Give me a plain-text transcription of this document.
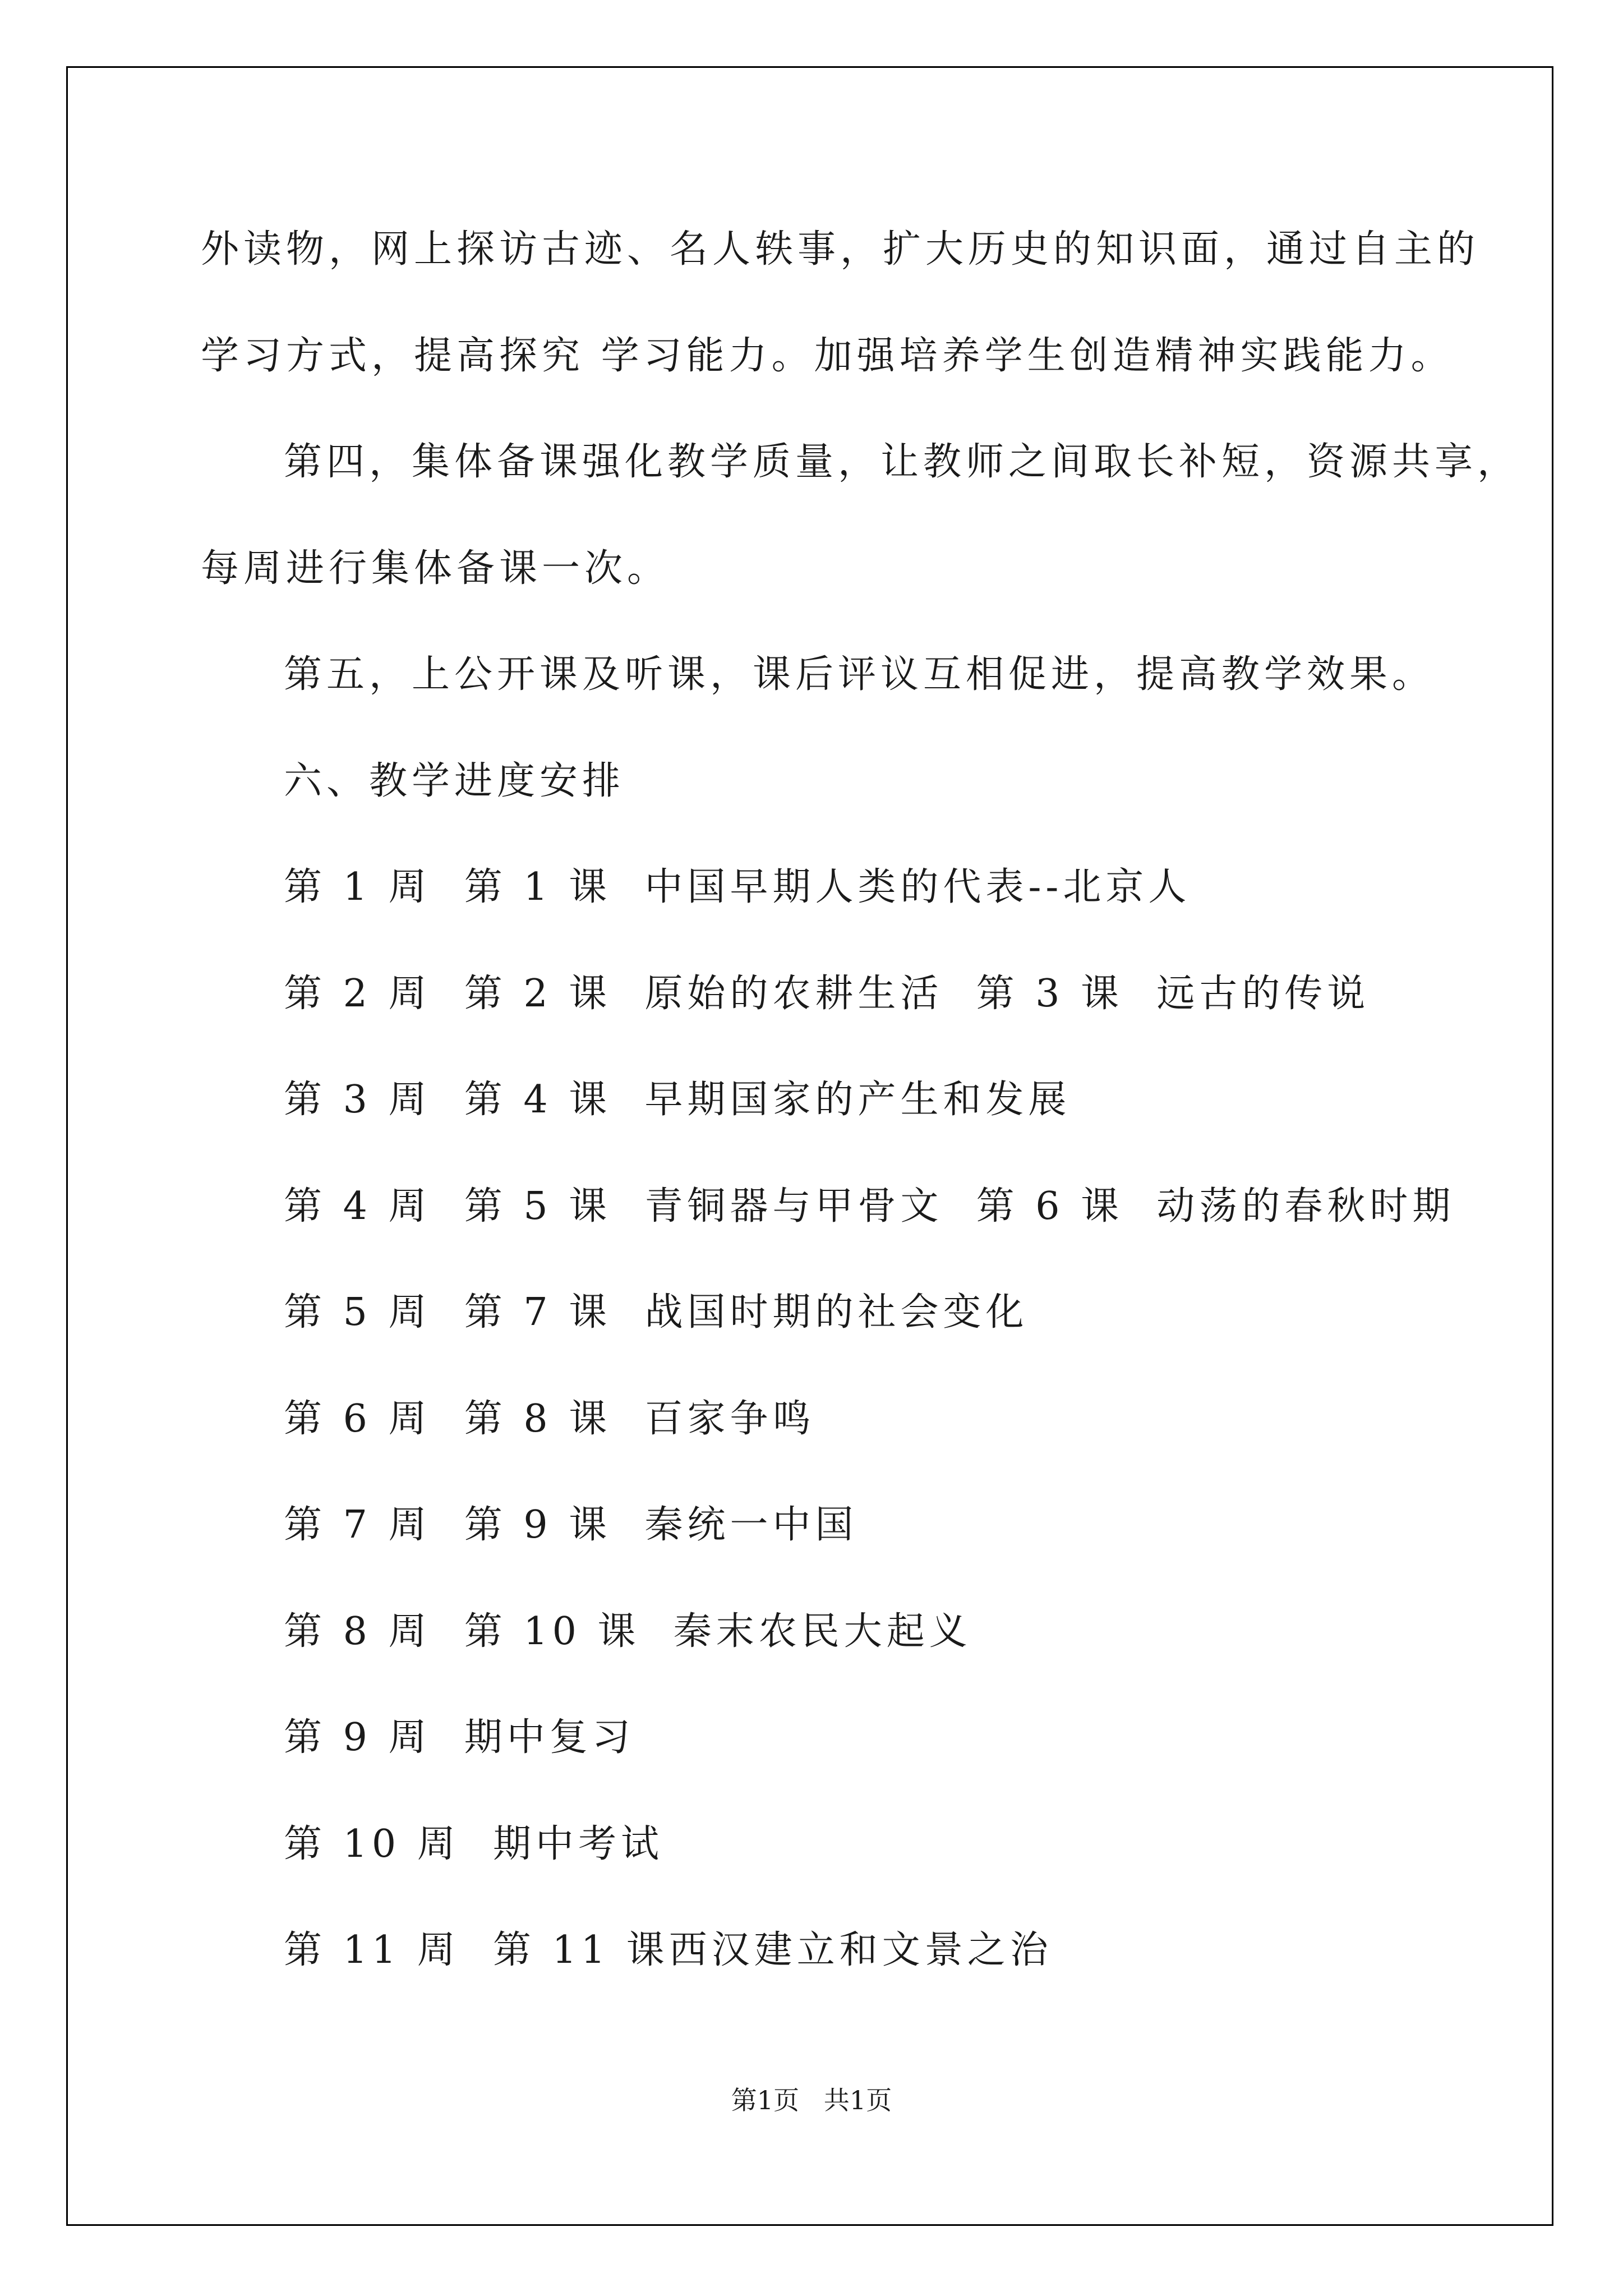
外读物，网上探访古迹、名人轶事，扩大历史的知识面，通过自主的
学习方式，提高探究 学习能力。加强培养学生创造精神实践能力。
第四，集体备课强化教学质量，让教师之间取长补短，资源共享，
每周进行集体备课一次。
第五，上公开课及听课，课后评议互相促进，提高教学效果。
六、教学进度安排
第 1 周  第 1 课  中国早期人类的代表--北京人
第 2 周  第 2 课  原始的农耕生活  第 3 课  远古的传说
第 3 周  第 4 课  早期国家的产生和发展
第 4 周  第 5 课  青铜器与甲骨文  第 6 课  动荡的春秋时期
第 5 周  第 7 课  战国时期的社会变化
第 6 周  第 8 课  百家争鸣
第 7 周  第 9 课  秦统一中国
第 8 周  第 10 课  秦末农民大起义
第 9 周  期中复习
第 10 周  期中考试
第 11 周  第 11 课西汉建立和文景之治
第1页   共1页
